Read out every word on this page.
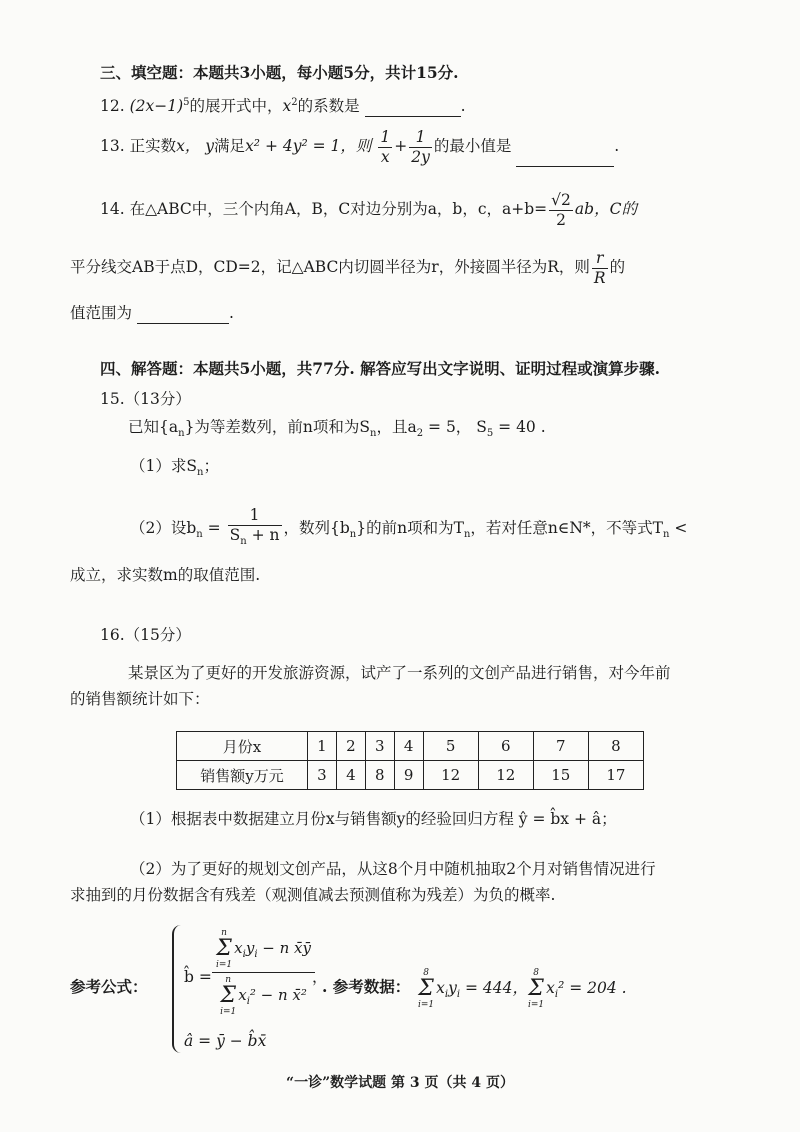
三、填空题：本题共3小题，每小题5分，共计15分.
12. $(2x-1)^5$的展开式中，$x^2$的系数是	.
13. 正实数x， y满足x² + 4y² = 1，则 $\frac{1}{x} + \frac{1}{2y}$ 的最小值是	.
14. 在△ABC中，三个内角A，B，C对边分别为a，b，c，$a+b= \frac{√2}{2}$ ab，C的
平分线交AB于点D，CD=2，记△ABC内切圆半径为r，外接圆半径为R，则 $\frac{r}{R}$ 的
值范围为	.
四、解答题：本题共5小题，共77分. 解答应写出文字说明、证明过程或演算步骤.
15.（13分）
已知$\{a_n\}$为等差数列，前n项和为$S_n$，且$a_2 = 5$， $S_5 = 40$ .
（1）求$S_n$；
（2）设$b_n = \frac{1}{S_n + n}$ ，数列$\{b_n\}$的前n项和为$T_n$，若对任意n∈N*，不等式$T_n$ <
成立，求实数m的取值范围.
16.（15分）
某景区为了更好的开发旅游资源，试产了一系列的文创产品进行销售，对今年前
的销售额统计如下：
月份x	1	2	3	4	5	6	7	8
销售额y万元	3	4	8	9	12	12	15	17
（1）根据表中数据建立月份x与销售额y的经验回归方程 ŷ = b̂x + â；
（2）为了更好的规划文创产品，从这8个月中随机抽取2个月对销售情况进行
求抽到的月份数据含有残差（观测值减去预测值称为残差）为负的概率.
参考公式： b̂ =
n
Σ
$i=1x_iy_i - n$ x̄ȳ
n
Σ
$i=1x_i^2 - n$ x̄²
，
â = ȳ − b̂x̄
. 参考数据：
8
Σ
$i=1x_iy_i = 444$，
8
Σ
$i=1x_i^2 = 204$ .
“一诊”数学试题 第 3 页（共 4 页）
